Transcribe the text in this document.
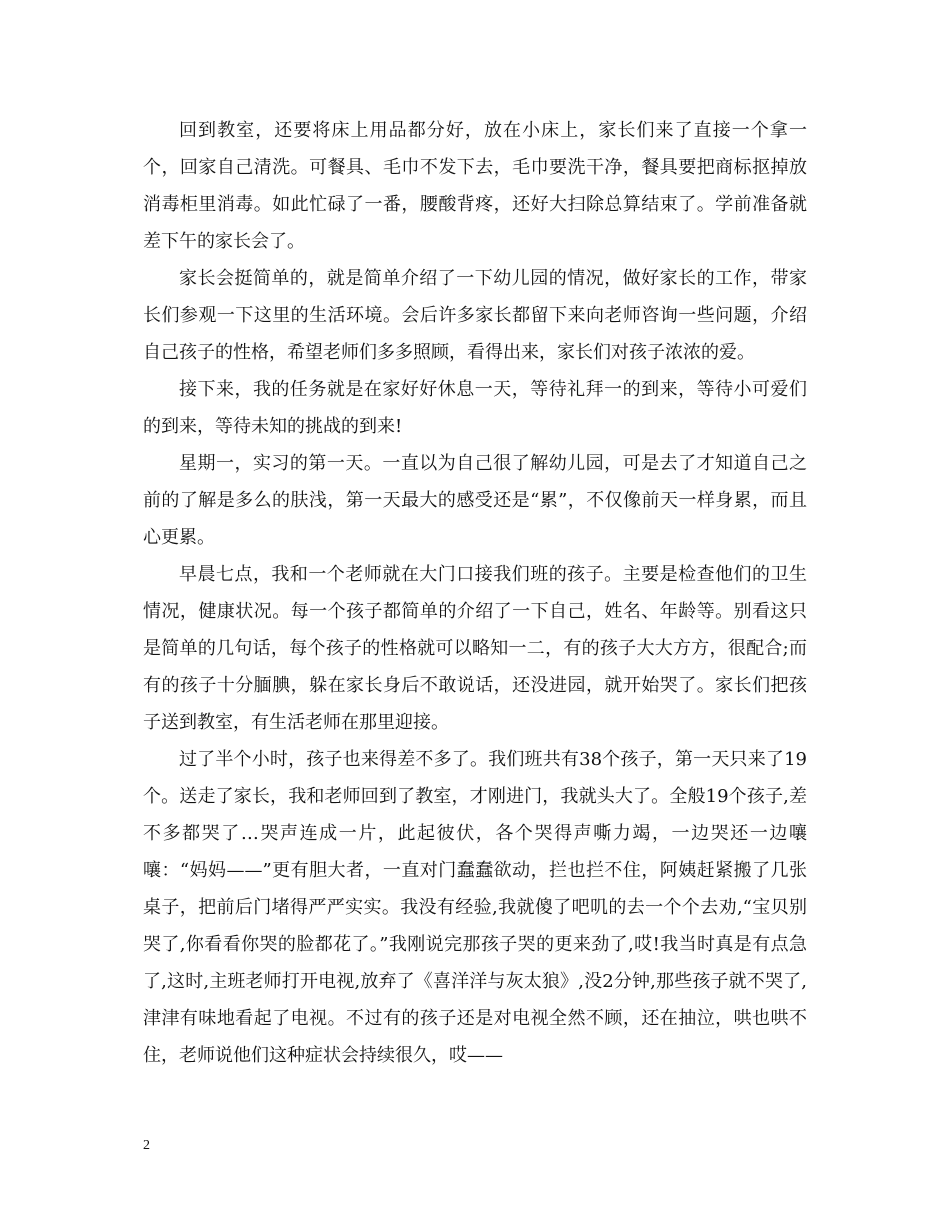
回到教室，还要将床上用品都分好，放在小床上，家长们来了直接一个拿一个，回家自己清洗。可餐具、毛巾不发下去，毛巾要洗干净，餐具要把商标抠掉放消毒柜里消毒。如此忙碌了一番，腰酸背疼，还好大扫除总算结束了。学前准备就差下午的家长会了。

家长会挺简单的，就是简单介绍了一下幼儿园的情况，做好家长的工作，带家长们参观一下这里的生活环境。会后许多家长都留下来向老师咨询一些问题，介绍自己孩子的性格，希望老师们多多照顾，看得出来，家长们对孩子浓浓的爱。

接下来，我的任务就是在家好好休息一天，等待礼拜一的到来，等待小可爱们的到来，等待未知的挑战的到来!

星期一，实习的第一天。一直以为自己很了解幼儿园，可是去了才知道自己之前的了解是多么的肤浅，第一天最大的感受还是“累”，不仅像前天一样身累，而且心更累。

早晨七点，我和一个老师就在大门口接我们班的孩子。主要是检查他们的卫生情况，健康状况。每一个孩子都简单的介绍了一下自己，姓名、年龄等。别看这只是简单的几句话，每个孩子的性格就可以略知一二，有的孩子大大方方，很配合;而有的孩子十分腼腆，躲在家长身后不敢说话，还没进园，就开始哭了。家长们把孩子送到教室，有生活老师在那里迎接。

过了半个小时，孩子也来得差不多了。我们班共有38个孩子，第一天只来了19个。送走了家长，我和老师回到了教室，才刚进门，我就头大了。全般19个孩子,差不多都哭了…哭声连成一片，此起彼伏，各个哭得声嘶力竭，一边哭还一边嚷嚷：“妈妈——”更有胆大者，一直对门蠢蠢欲动，拦也拦不住，阿姨赶紧搬了几张桌子，把前后门堵得严严实实。我没有经验,我就傻了吧叽的去一个个去劝,“宝贝别哭了,你看看你哭的脸都花了。”我刚说完那孩子哭的更来劲了,哎!我当时真是有点急了,这时,主班老师打开电视,放弃了《喜洋洋与灰太狼》,没2分钟,那些孩子就不哭了,津津有味地看起了电视。不过有的孩子还是对电视全然不顾，还在抽泣，哄也哄不住，老师说他们这种症状会持续很久，哎——

2
